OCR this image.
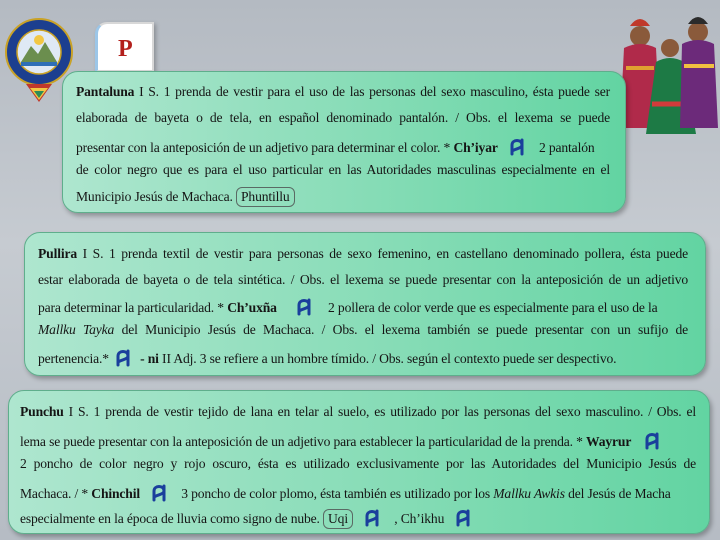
P
Pantaluna I S. 1 prenda de vestir para el uso de las personas del sexo masculino, ésta puede ser
elaborada de bayeta o de tela, en español denominado pantalón. / Obs. el lexema se puede
presentar con la anteposición de un adjetivo para determinar el color. * Ch’iyar	2 pantalón
de color negro que es para el uso particular en las Autoridades masculinas especialmente en el
Municipio Jesús de Machaca. Phuntillu
Pullira I S. 1 prenda textil de vestir para personas de sexo femenino, en castellano denominado pollera, ésta puede
estar elaborada de bayeta o de tela sintética. / Obs. el lexema se puede presentar con la anteposición de un adjetivo
para determinar la particularidad. * Ch’uxña	2 pollera de color verde que es especialmente para el uso de la
Mallku Tayka del Municipio Jesús de Machaca. / Obs. el lexema también se puede presentar con un sufijo de
pertenencia.* - ni II Adj. 3 se refiere a un hombre tímido. / Obs. según el contexto puede ser despectivo.
Punchu I S. 1 prenda de vestir tejido de lana en telar al suelo, es utilizado por las personas del sexo masculino. / Obs. el
lema se puede presentar con la anteposición de un adjetivo para establecer la particularidad de la prenda. * Wayrur
2 poncho de color negro y rojo oscuro, ésta es utilizado exclusivamente por las Autoridades del Municipio Jesús de
Machaca. / * Chinchil	3 poncho de color plomo, ésta también es utilizado por los Mallku Awkis del Jesús de Macha
especialmente en la época de lluvia como signo de nube. Uqi	, Ch’ikhu
